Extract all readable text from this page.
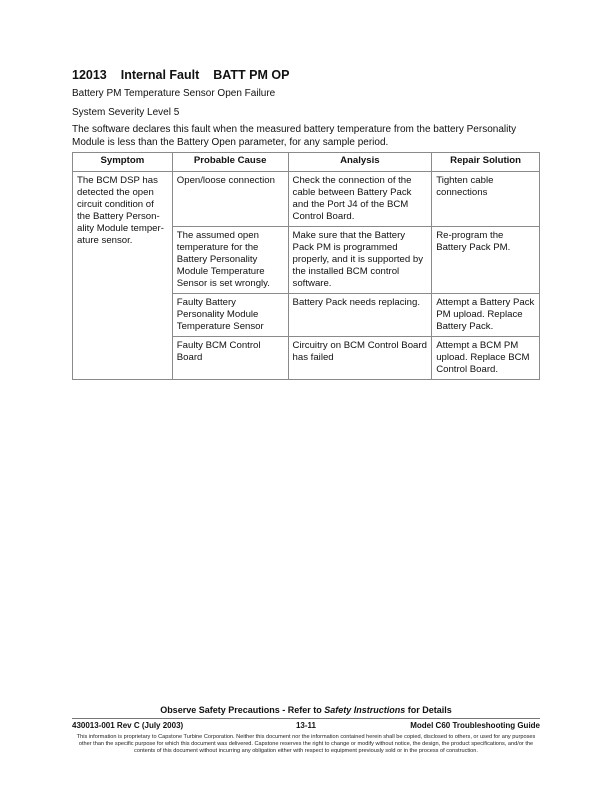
12013 Internal Fault BATT PM OP
Battery PM Temperature Sensor Open Failure
System Severity Level 5
The software declares this fault when the measured battery temperature from the battery Personality Module is less than the Battery Open parameter, for any sample period.
Symptom	Probable Cause	Analysis	Repair Solution
The BCM DSP has detected the open circuit condition of the Battery Person-ality Module temper-ature sensor.	Open/loose connection	Check the connection of the cable between Battery Pack and the Port J4 of the BCM Control Board.	Tighten cable connections
	The assumed open temperature for the Battery Personality Module Temperature Sensor is set wrongly.	Make sure that the Battery Pack PM is programmed properly, and it is supported by the installed BCM control software.	Re-program the Battery Pack PM.
	Faulty Battery Personality Module Temperature Sensor	Battery Pack needs replacing.	Attempt a Battery Pack PM upload. Replace Battery Pack.
	Faulty BCM Control Board	Circuitry on BCM Control Board has failed	Attempt a BCM PM upload. Replace BCM Control Board.
Observe Safety Precautions - Refer to Safety Instructions for Details
430013-001 Rev C (July 2003)	13-11	Model C60 Troubleshooting Guide
This information is proprietary to Capstone Turbine Corporation. Neither this document nor the information contained herein shall be copied, disclosed to others, or used for any purposes other than the specific purpose for which this document was delivered. Capstone reserves the right to change or modify without notice, the design, the product specifications, and/or the contents of this document without incurring any obligation either with respect to equipment previously sold or in the process of construction.
